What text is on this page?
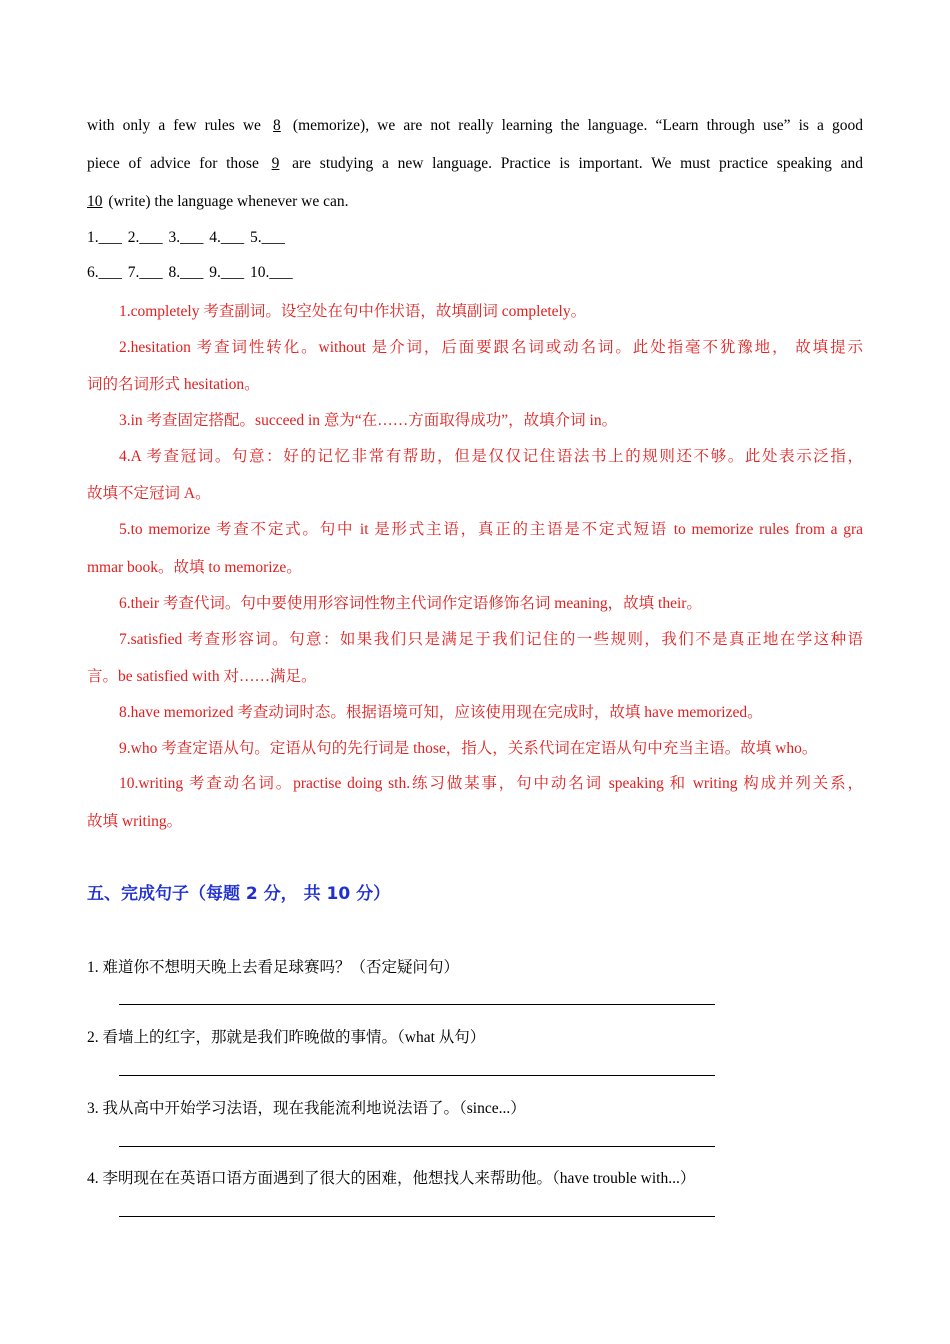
with only a few rules we 8 (memorize), we are not really learning the language. “Learn through use” is a good
piece of advice for those 9 are studying a new language. Practice is important. We must practice speaking and
10 (write) the language whenever we can.
1.___ 2.___ 3.___ 4.___ 5.___
6.___ 7.___ 8.___ 9.___ 10.___
1.completely 考查副词。设空处在句中作状语，故填副词 completely。
2.hesitation 考查词性转化。without 是介词，后面要跟名词或动名词。此处指毫不犹豫地， 故填提示
词的名词形式 hesitation。
3.in 考查固定搭配。succeed in 意为“在……方面取得成功”，故填介词 in。
4.A 考查冠词。句意：好的记忆非常有帮助，但是仅仅记住语法书上的规则还不够。此处表示泛指，
故填不定冠词 A。
5.to memorize 考查不定式。句中 it 是形式主语，真正的主语是不定式短语 to memorize rules from a gra
mmar book。故填 to memorize。
6.their 考查代词。句中要使用形容词性物主代词作定语修饰名词 meaning，故填 their。
7.satisfied 考查形容词。句意：如果我们只是满足于我们记住的一些规则，我们不是真正地在学这种语
言。be satisfied with 对……满足。
8.have memorized 考查动词时态。根据语境可知，应该使用现在完成时，故填 have memorized。
9.who 考查定语从句。定语从句的先行词是 those，指人，关系代词在定语从句中充当主语。故填 who。
10.writing 考查动名词。practise doing sth.练习做某事，句中动名词 speaking 和 writing 构成并列关系，
故填 writing。
五、完成句子（每题 2 分， 共 10 分）
1. 难道你不想明天晚上去看足球赛吗？（否定疑问句）
2. 看墙上的红字，那就是我们昨晚做的事情。（what 从句）
3. 我从高中开始学习法语，现在我能流利地说法语了。（since...）
4. 李明现在在英语口语方面遇到了很大的困难，他想找人来帮助他。（have trouble with...）
